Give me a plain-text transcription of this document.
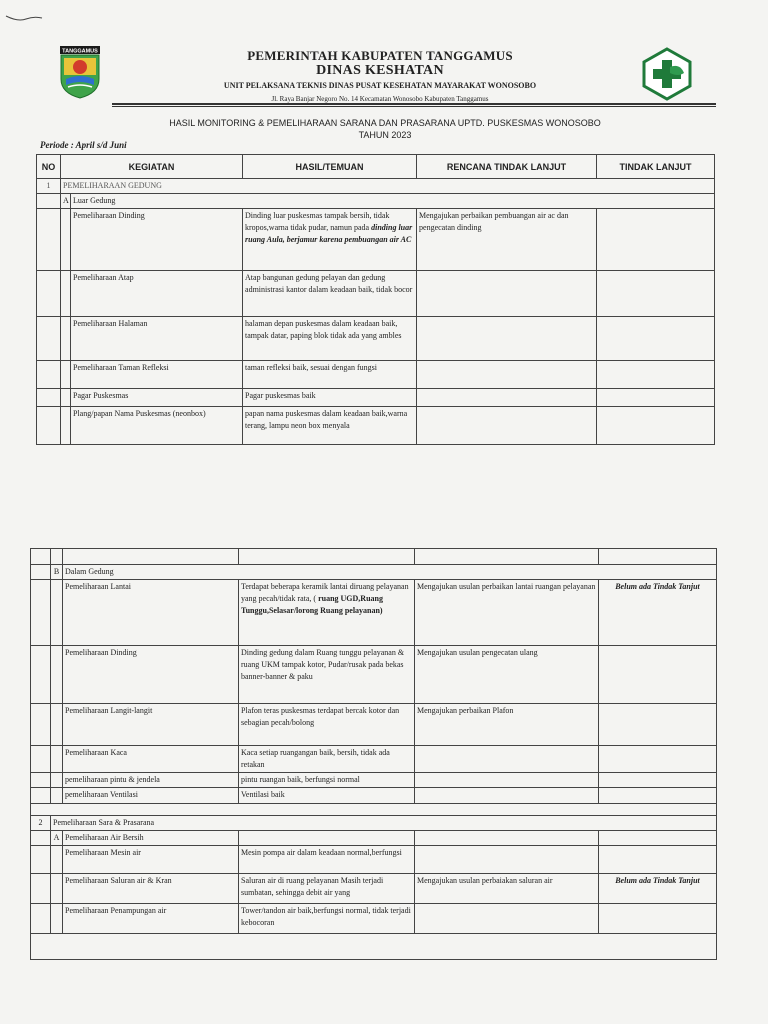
TANGGAMUS	PEMERINTAH KABUPATEN TANGGAMUS
DINAS KESHATAN
UNIT PELAKSANA TEKNIS DINAS PUSAT KESEHATAN MAYARAKAT WONOSOBO
Jl. Raya Banjar Negoro No. 14 Kecamatan Wonosobo Kabupaten Tanggamus
HASIL MONITORING & PEMELIHARAAN SARANA DAN PRASARANA UPTD. PUSKESMAS WONOSOBO
TAHUN 2023
Periode : April s/d Juni
NO	KEGIATAN		HASIL/TEMUAN	RENCANA TINDAK LANJUT	TINDAK LANJUT
1	PEMELIHARAAN GEDUNG				
	A	Luar Gedung			
		Pemeliharaan Dinding	Dinding luar puskesmas tampak bersih, tidak kropos,warna tidak pudar, namun pada dinding luar ruang Aula, berjamur karena pembuangan air AC	Mengajukan perbaikan pembuangan air ac dan pengecatan dinding	
		Pemeliharaan Atap	Atap bangunan gedung pelayan dan gedung administrasi kantor dalam keadaan baik, tidak bocor		
		Pemeliharaan Halaman	halaman depan puskesmas dalam keadaan baik, tampak datar, paping blok tidak ada yang ambles		
		Pemeliharaan Taman Refleksi	taman refleksi baik, sesuai dengan fungsi		
		Pagar Puskesmas	Pagar puskesmas baik		
		Plang/papan Nama Puskesmas (neonbox)	papan nama puskesmas dalam keadaan baik,warna terang, lampu neon box menyala		

	B	Dalam Gedung			
		Pemeliharaan Lantai	Terdapat beberapa keramik lantai diruang pelayanan yang pecah/tidak rata, ( ruang UGD,Ruang Tunggu,Selasar/lorong Ruang pelayanan)	Mengajukan usulan perbaikan lantai ruangan pelayanan	Belum ada Tindak Tanjut
		Pemeliharaan Dinding	Dinding gedung dalam Ruang tunggu pelayanan & ruang UKM tampak kotor, Pudar/rusak pada bekas banner-banner & paku	Mengajukan usulan pengecatan ulang	
		Pemeliharaan Langit-langit	Plafon teras puskesmas terdapat bercak kotor dan sebagian pecah/bolong	Mengajukan perbaikan Plafon	
		Pemeliharaan Kaca	Kaca setiap ruangangan baik, bersih, tidak ada retakan		
		pemeliharaan pintu & jendela	pintu ruangan baik, berfungsi normal		
		pemeliharaan Ventilasi	Ventilasi baik		

2	Pemeliharaan Sara & Prasarana				
	A	Pemeliharaan Air Bersih			
		Pemeliharaan Mesin air	Mesin pompa air dalam keadaan normal,berfungsi		
		Pemeliharaan Saluran air & Kran	Saluran air di ruang pelayanan Masih terjadi sumbatan, sehingga debit air yang	Mengajukan usulan perbaiakan saluran air	Belum ada Tindak Tanjut
		Pemeliharaan Penampungan air	Tower/tandon air baik,berfungsi normal, tidak terjadi kebocoran		
